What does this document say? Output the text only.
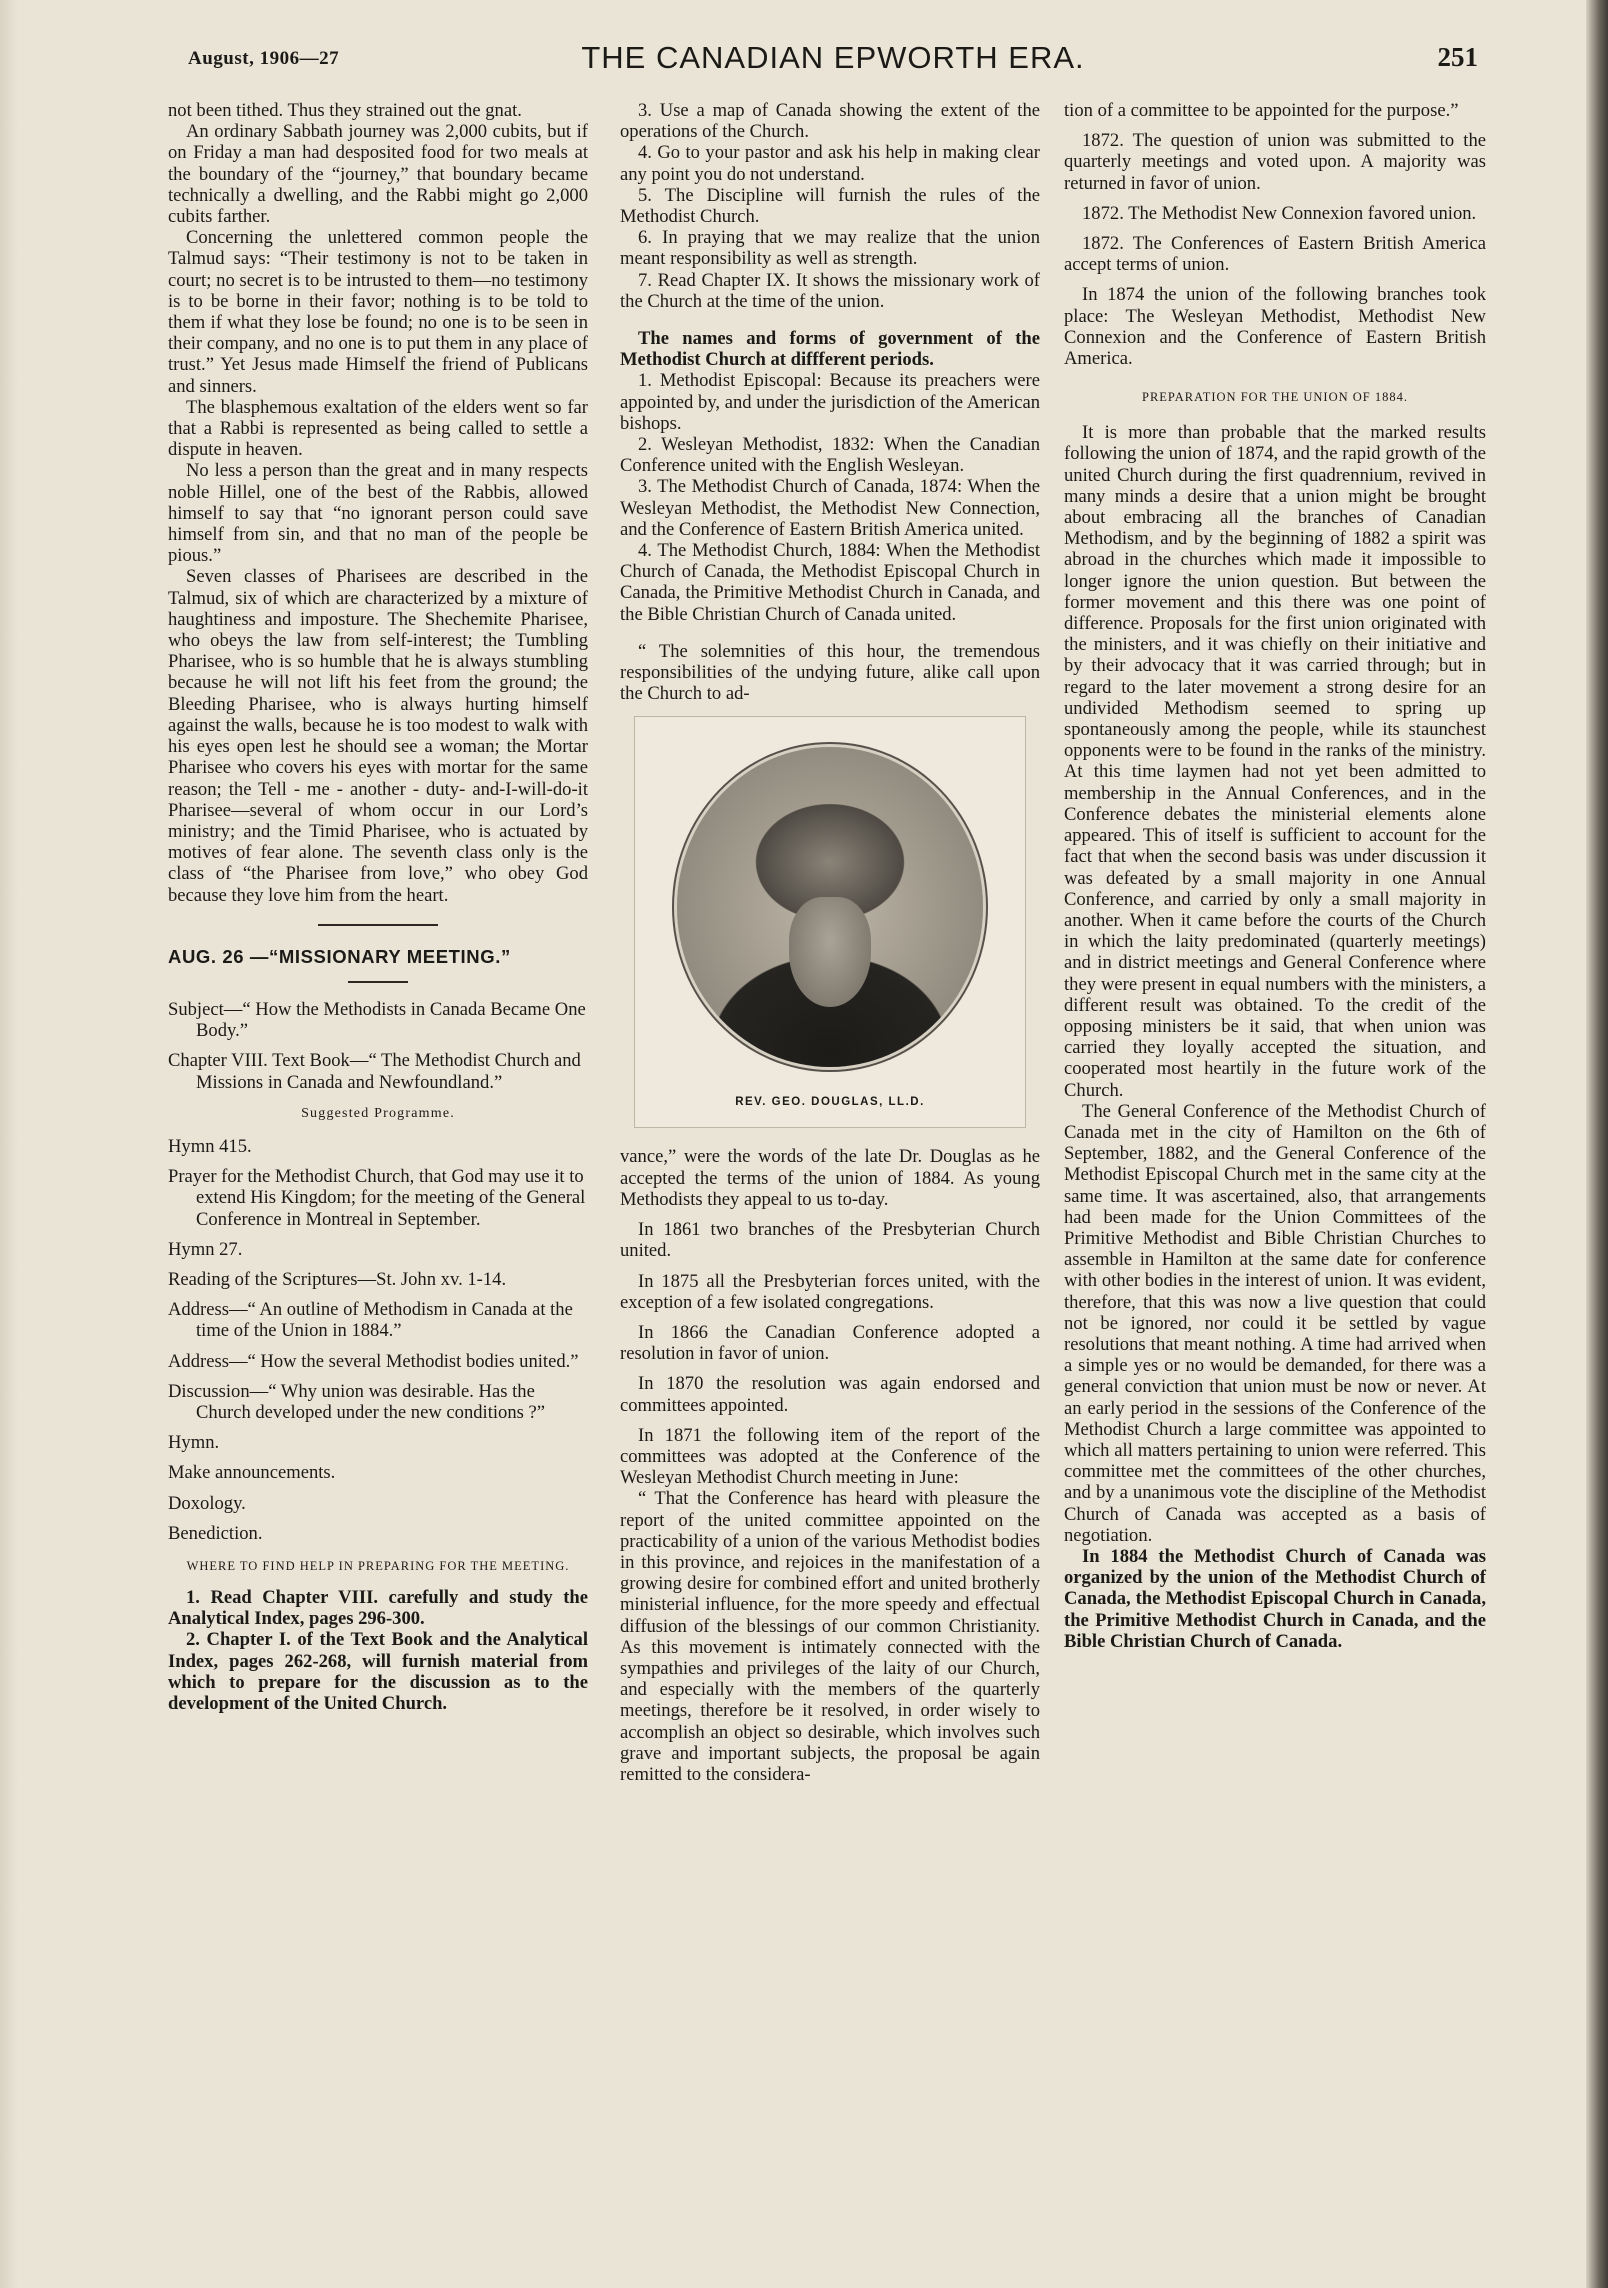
August, 1906—27	THE CANADIAN EPWORTH ERA.	251

not been tithed. Thus they strained out the gnat.

An ordinary Sabbath journey was 2,000 cubits, but if on Friday a man had desposited food for two meals at the boundary of the “journey,” that boundary became technically a dwelling, and the Rabbi might go 2,000 cubits farther.

Concerning the unlettered common people the Talmud says: “Their testimony is not to be taken in court; no secret is to be intrusted to them—no testimony is to be borne in their favor; nothing is to be told to them if what they lose be found; no one is to be seen in their company, and no one is to put them in any place of trust.” Yet Jesus made Himself the friend of Publicans and sinners.

The blasphemous exaltation of the elders went so far that a Rabbi is represented as being called to settle a dispute in heaven.

No less a person than the great and in many respects noble Hillel, one of the best of the Rabbis, allowed himself to say that “no ignorant person could save himself from sin, and that no man of the people be pious.”

Seven classes of Pharisees are described in the Talmud, six of which are characterized by a mixture of haughtiness and imposture. The Shechemite Pharisee, who obeys the law from self-interest; the Tumbling Pharisee, who is so humble that he is always stumbling because he will not lift his feet from the ground; the Bleeding Pharisee, who is always hurting himself against the walls, because he is too modest to walk with his eyes open lest he should see a woman; the Mortar Pharisee who covers his eyes with mortar for the same reason; the Tell - me - another - duty- and-I-will-do-it Pharisee—several of whom occur in our Lord’s ministry; and the Timid Pharisee, who is actuated by motives of fear alone. The seventh class only is the class of “the Pharisee from love,” who obey God because they love him from the heart.

AUG. 26 —“MI⁠SSIONARY MEETING.”

Subject—“ How the Methodists in Canada Became One Body.”

Chapter VIII. Text Book—“ The Methodist Church and Missions in Canada and Newfoundland.”

Suggested Programme.

Hymn 415.

Prayer for the Methodist Church, that God may use it to extend His Kingdom; for the meeting of the General Conference in Montreal in September.

Hymn 27.

Reading of the Scriptures—St. John xv. 1-14.

Address—“ An outline of Methodism in Canada at the time of the Union in 1884.”

Address—“ How the several Methodist bodies united.”

Discussion—“ Why union was desirable. Has the Church developed under the new conditions ?”

Hymn.

Make announcements.

Doxology.

Benediction.

WHERE TO FIND HELP IN PREPARING FOR THE MEETING.

1. Read Chapter VIII. carefully and study the Analytical Index, pages 296-300.

2. Chapter I. of the Text Book and the Analytical Index, pages 262-268, will furnish material from which to prepare for the discussion as to the development of the United Church.

3. Use a map of Canada showing the extent of the operations of the Church.

4. Go to your pastor and ask his help in making clear any point you do not understand.

5. The Discipline will furnish the rules of the Methodist Church.

6. In praying that we may realize that the union meant responsibility as well as strength.

7. Read Chapter IX. It shows the missionary work of the Church at the time of the union.

The names and forms of government of the Methodist Church at diffferent periods.

1. Methodist Episcopal: Because its preachers were appointed by, and under the jurisdiction of the American bishops.

2. Wesleyan Methodist, 1832: When the Canadian Conference united with the English Wesleyan.

3. The Methodist Church of Canada, 1874: When the Wesleyan Methodist, the Methodist New Connection, and the Conference of Eastern British America united.

4. The Methodist Church, 1884: When the Methodist Church of Canada, the Methodist Episcopal Church in Canada, the Primitive Methodist Church in Canada, and the Bible Christian Church of Canada united.

“ The solemnities of this hour, the tremendous responsibilities of the undying future, alike call upon the Church to ad-

REV. GEO. DOUGLAS, LL.D.

vance,” were the words of the late Dr. Douglas as he accepted the terms of the union of 1884. As young Methodists they appeal to us to-day.

In 1861 two branches of the Presbyterian Church united.

In 1875 all the Presbyterian forces united, with the exception of a few isolated congregations.

In 1866 the Canadian Conference adopted a resolution in favor of union.

In 1870 the resolution was again endorsed and committees appointed.

In 1871 the following item of the report of the committees was adopted at the Conference of the Wesleyan Methodist Church meeting in June:

“ That the Conference has heard with pleasure the report of the united committee appointed on the practicability of a union of the various Methodist bodies in this province, and rejoices in the manifestation of a growing desire for combined effort and united brotherly ministerial influence, for the more speedy and effectual diffusion of the blessings of our common Christianity. As this movement is intimately connected with the sympathies and privileges of the laity of our Church, and especially with the members of the quarterly meetings, therefore be it resolved, in order wisely to accomplish an object so desirable, which involves such grave and important subjects, the proposal be again remitted to the considera-

tion of a committee to be appointed for the purpose.”

1872. The question of union was submitted to the quarterly meetings and voted upon. A majority was returned in favor of union.

1872. The Methodist New Connexion favored union.

1872. The Conferences of Eastern British America accept terms of union.

In 1874 the union of the following branches took place: The Wesleyan Methodist, Methodist New Connexion and the Conference of Eastern British America.

PREPARATION FOR THE UNION OF 1884.

It is more than probable that the marked results following the union of 1874, and the rapid growth of the united Church during the first quadrennium, revived in many minds a desire that a union might be brought about embracing all the branches of Canadian Methodism, and by the beginning of 1882 a spirit was abroad in the churches which made it impossible to longer ignore the union question. But between the former movement and this there was one point of difference. Proposals for the first union originated with the ministers, and it was chiefly on their initiative and by their advocacy that it was carried through; but in regard to the later movement a strong desire for an undivided Methodism seemed to spring up spontaneously among the people, while its staunchest opponents were to be found in the ranks of the ministry. At this time laymen had not yet been admitted to membership in the Annual Conferences, and in the Conference debates the ministerial elements alone appeared. This of itself is sufficient to account for the fact that when the second basis was under discussion it was defeated by a small majority in one Annual Conference, and carried by only a small majority in another. When it came before the courts of the Church in which the laity predominated (quarterly meetings) and in district meetings and General Conference where they were present in equal numbers with the ministers, a different result was obtained. To the credit of the opposing ministers be it said, that when union was carried they loyally accepted the situation, and cooperated most heartily in the future work of the Church.

The General Conference of the Methodist Church of Canada met in the city of Hamilton on the 6th of September, 1882, and the General Conference of the Methodist Episcopal Church met in the same city at the same time. It was ascertained, also, that arrangements had been made for the Union Committees of the Primitive Methodist and Bible Christian Churches to assemble in Hamilton at the same date for conference with other bodies in the interest of union. It was evident, therefore, that this was now a live question that could not be ignored, nor could it be settled by vague resolutions that meant nothing. A time had arrived when a simple yes or no would be demanded, for there was a general conviction that union must be now or never. At an early period in the sessions of the Conference of the Methodist Church a large committee was appointed to which all matters pertaining to union were referred. This committee met the committees of the other churches, and by a unanimous vote the discipline of the Methodist Church of Canada was accepted as a basis of negotiation.

In 1884 the Methodist Church of Canada was organized by the union of the Methodist Church of Canada, the Methodist Episcopal Church in Canada, the Primitive Methodist Church in Canada, and the Bible Christian Church of Canada.
